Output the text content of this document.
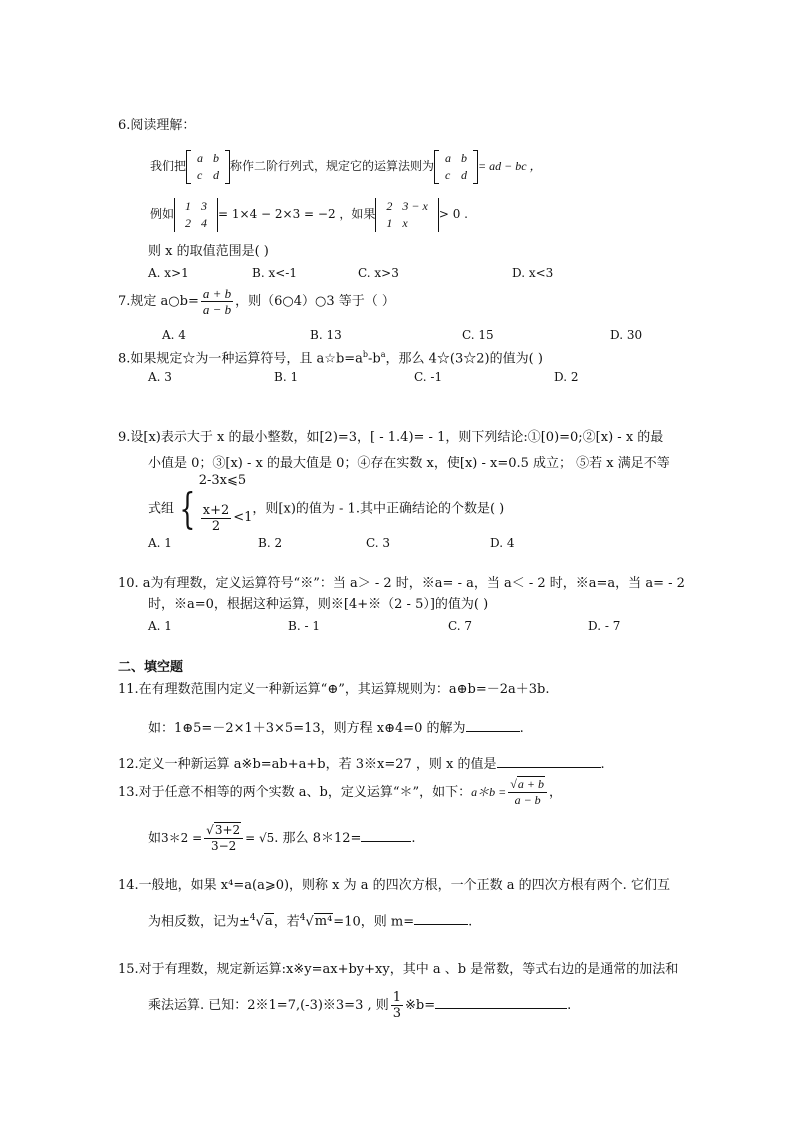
6.阅读理解：
我们把
a	b
c	d
称作二阶行列式，规定它的运算法则为
a	b
c	d
= ad − bc ，
例如
1	3
2	4
= 1×4 − 2×3 = −2 ，如果
2	3 − x
1	x
> 0 .
则 x 的取值范围是( )
A. x>1	B. x<-1	C. x>3	D. x<3
7.规定 a○b= $\frac{a + b}{a - b}$ ，则（6○4）○3 等于（ ）
A. 4	B. 13	C. 15	D. 30
8.如果规定☆为一种运算符号，且 $a☆b=a^b-b^a$，那么 4☆(3☆2)的值为( )
A. 3	B. 1	C. -1	D. 2
9.设[x)表示大于 x 的最小整数，如[2)=3，[ - 1.4)= - 1，则下列结论:①[0)=0;②[x) - x 的最
小值是 0；③[x) - x 的最大值是 0；④存在实数 x，使[x) - x=0.5 成立； ⑤若 x 满足不等
式组 {
2-3x⩽5
$\frac{x+2}{2} <1$
，则[x)的值为 - 1.其中正确结论的个数是( )
A. 1	B. 2	C. 3	D. 4
10. a为有理数，定义运算符号“※”：当 a＞ - 2 时，※a= - a，当 a＜ - 2 时，※a=a，当 a= - 2
时，※a=0，根据这种运算，则※[4+※（2 - 5）]的值为( )
A. 1	B. - 1	C. 7	D. - 7
二、填空题
11.在有理数范围内定义一种新运算“⊕”，其运算规则为：a⊕b=－2a＋3b.
如：1⊕5=－2×1＋3×5=13，则方程 x⊕4=0 的解为	.
12.定义一种新运算 a※b=ab+a+b，若 3※x=27 ，则 x 的值是	.
13.对于任意不相等的两个实数 a、b，定义运算“＊”，如下：a＊b = $\frac{√a + b}{a - b}$ ，
如3＊2 = $\frac{√3+2}{3-2} = √5$. 那么 8＊12=	.
14.一般地，如果 x⁴=a(a⩾0)，则称 x 为 a 的四次方根，一个正数 a 的四次方根有两个. 它们互
为相反数，记为±$^4$√a，若$^4$√m⁴=10，则 m=	.
15.对于有理数，规定新运算:x※y=ax+by+xy，其中 a 、b 是常数，等式右边的是通常的加法和
乘法运算. 已知：2※1=7,(-3)※3=3 , 则 $\frac{1}{3}$ ※b=	.
